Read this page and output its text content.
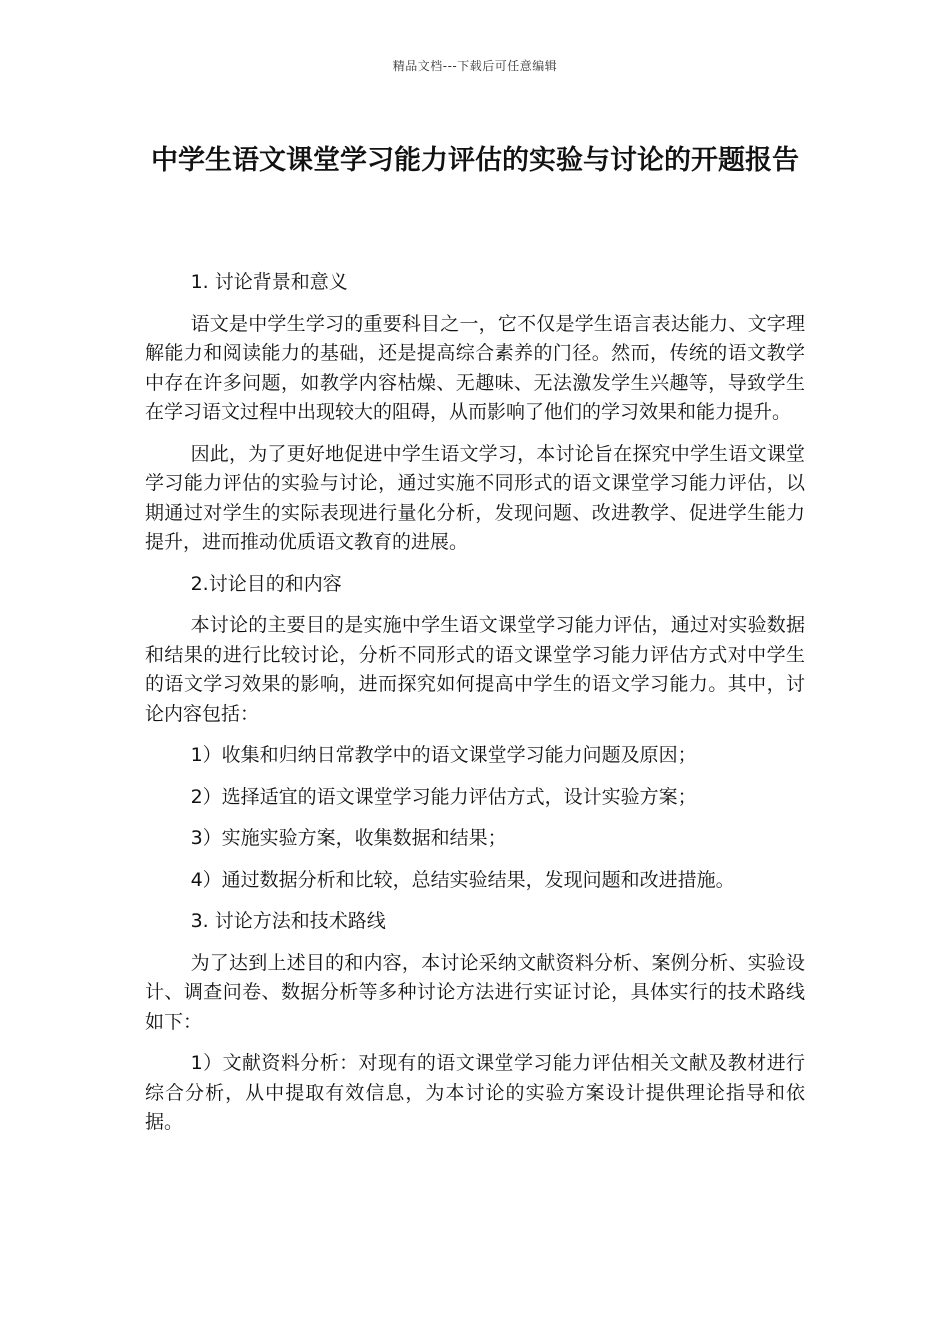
精品文档---下载后可任意编辑
中学生语文课堂学习能力评估的实验与讨论的开题报告

1. 讨论背景和意义

语文是中学生学习的重要科目之一，它不仅是学生语言表达能力、文字理解能力和阅读能力的基础，还是提高综合素养的门径。然而，传统的语文教学中存在许多问题，如教学内容枯燥、无趣味、无法激发学生兴趣等，导致学生在学习语文过程中出现较大的阻碍，从而影响了他们的学习效果和能力提升。

因此，为了更好地促进中学生语文学习，本讨论旨在探究中学生语文课堂学习能力评估的实验与讨论，通过实施不同形式的语文课堂学习能力评估，以期通过对学生的实际表现进行量化分析，发现问题、改进教学、促进学生能力提升，进而推动优质语文教育的进展。

2.讨论目的和内容

本讨论的主要目的是实施中学生语文课堂学习能力评估，通过对实验数据和结果的进行比较讨论，分析不同形式的语文课堂学习能力评估方式对中学生的语文学习效果的影响，进而探究如何提高中学生的语文学习能力。其中，讨论内容包括：

1）收集和归纳日常教学中的语文课堂学习能力问题及原因；

2）选择适宜的语文课堂学习能力评估方式，设计实验方案；

3）实施实验方案，收集数据和结果；

4）通过数据分析和比较，总结实验结果，发现问题和改进措施。

3. 讨论方法和技术路线

为了达到上述目的和内容，本讨论采纳文献资料分析、案例分析、实验设计、调查问卷、数据分析等多种讨论方法进行实证讨论，具体实行的技术路线如下：

1）文献资料分析：对现有的语文课堂学习能力评估相关文献及教材进行综合分析，从中提取有效信息，为本讨论的实验方案设计提供理论指导和依据。
